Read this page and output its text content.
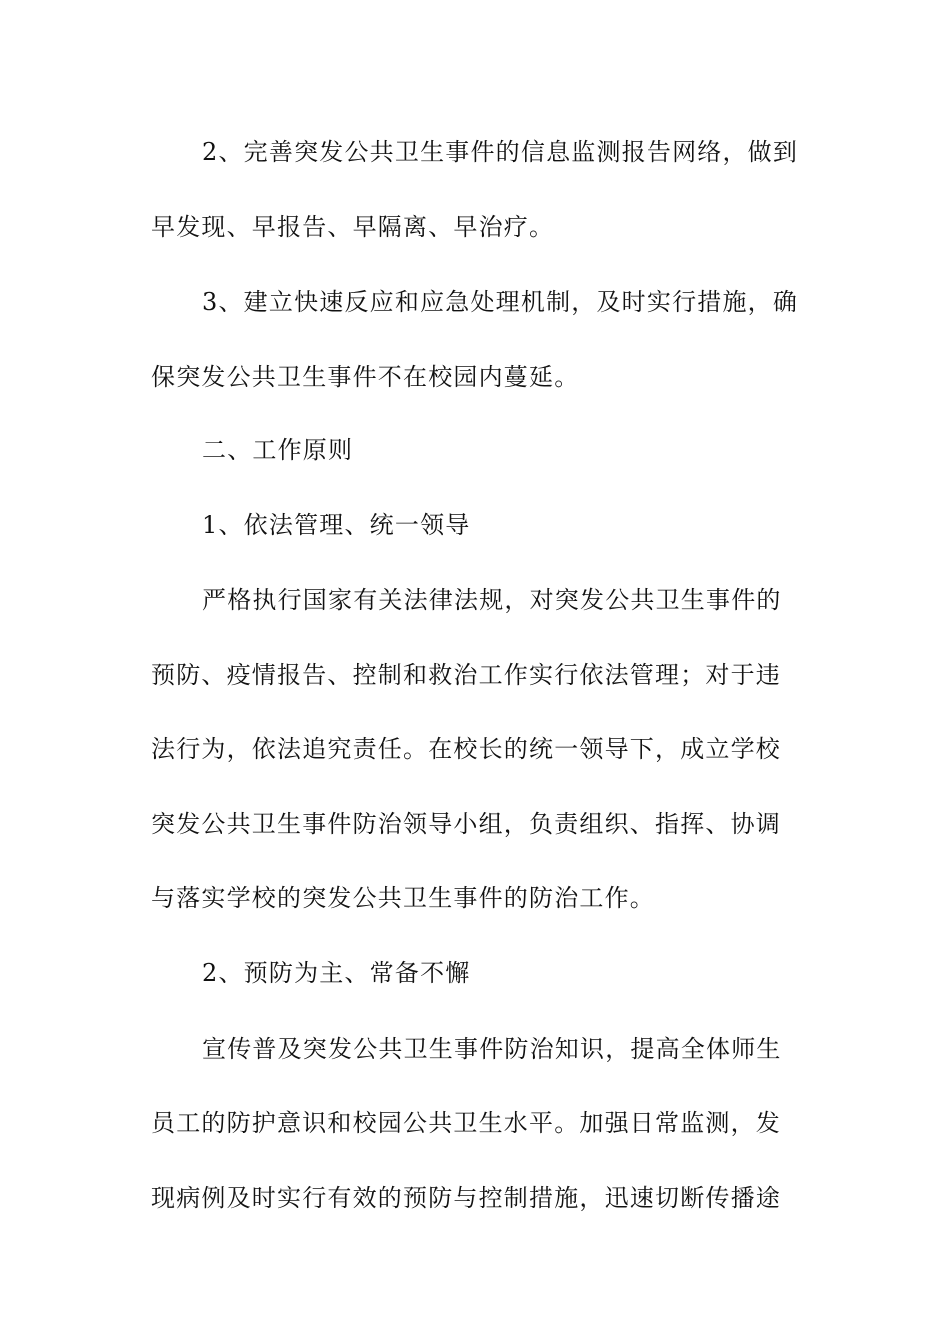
2、完善突发公共卫生事件的信息监测报告网络，做到
早发现、早报告、早隔离、早治疗。
3、建立快速反应和应急处理机制，及时实行措施，确
保突发公共卫生事件不在校园内蔓延。
二、工作原则
1、依法管理、统一领导
严格执行国家有关法律法规，对突发公共卫生事件的
预防、疫情报告、控制和救治工作实行依法管理；对于违
法行为，依法追究责任。在校长的统一领导下，成立学校
突发公共卫生事件防治领导小组，负责组织、指挥、协调
与落实学校的突发公共卫生事件的防治工作。
2、预防为主、常备不懈
宣传普及突发公共卫生事件防治知识，提高全体师生
员工的防护意识和校园公共卫生水平。加强日常监测，发
现病例及时实行有效的预防与控制措施，迅速切断传播途
